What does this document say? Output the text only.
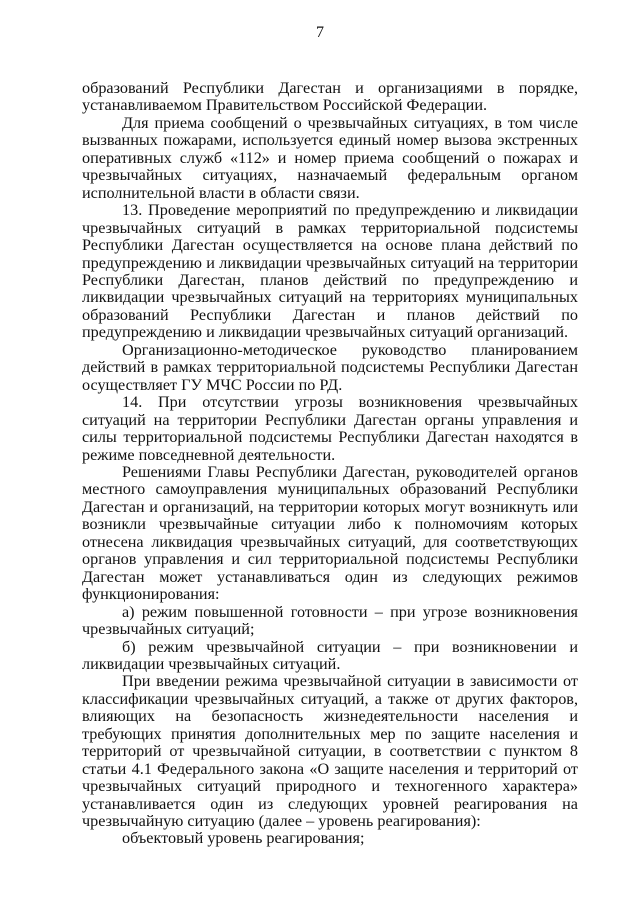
7

образований Республики Дагестан и организациями в порядке, устанавливаемом Правительством Российской Федерации.

Для приема сообщений о чрезвычайных ситуациях, в том числе вызванных пожарами, используется единый номер вызова экстренных оперативных служб «112» и номер приема сообщений о пожарах и чрезвычайных ситуациях, назначаемый федеральным органом исполнительной власти в области связи.

13. Проведение мероприятий по предупреждению и ликвидации чрезвычайных ситуаций в рамках территориальной подсистемы Республики Дагестан осуществляется на основе плана действий по предупреждению и ликвидации чрезвычайных ситуаций на территории Республики Дагестан, планов действий по предупреждению и ликвидации чрезвычайных ситуаций на территориях муниципальных образований Республики Дагестан и планов действий по предупреждению и ликвидации чрезвычайных ситуаций организаций.

Организационно-методическое руководство планированием действий в рамках территориальной подсистемы Республики Дагестан осуществляет ГУ МЧС России по РД.

14. При отсутствии угрозы возникновения чрезвычайных ситуаций на территории Республики Дагестан органы управления и силы территориальной подсистемы Республики Дагестан находятся в режиме повседневной деятельности.

Решениями Главы Республики Дагестан, руководителей органов местного самоуправления муниципальных образований Республики Дагестан и организаций, на территории которых могут возникнуть или возникли чрезвычайные ситуации либо к полномочиям которых отнесена ликвидация чрезвычайных ситуаций, для соответствующих органов управления и сил территориальной подсистемы Республики Дагестан может устанавливаться один из следующих режимов функционирования:

а) режим повышенной готовности – при угрозе возникновения чрезвычайных ситуаций;

б) режим чрезвычайной ситуации – при возникновении и ликвидации чрезвычайных ситуаций.

При введении режима чрезвычайной ситуации в зависимости от классификации чрезвычайных ситуаций, а также от других факторов, влияющих на безопасность жизнедеятельности населения и требующих принятия дополнительных мер по защите населения и территорий от чрезвычайной ситуации, в соответствии с пунктом 8 статьи 4.1 Федерального закона «О защите населения и территорий от чрезвычайных ситуаций природного и техногенного характера» устанавливается один из следующих уровней реагирования на чрезвычайную ситуацию (далее – уровень реагирования):

объектовый уровень реагирования;
